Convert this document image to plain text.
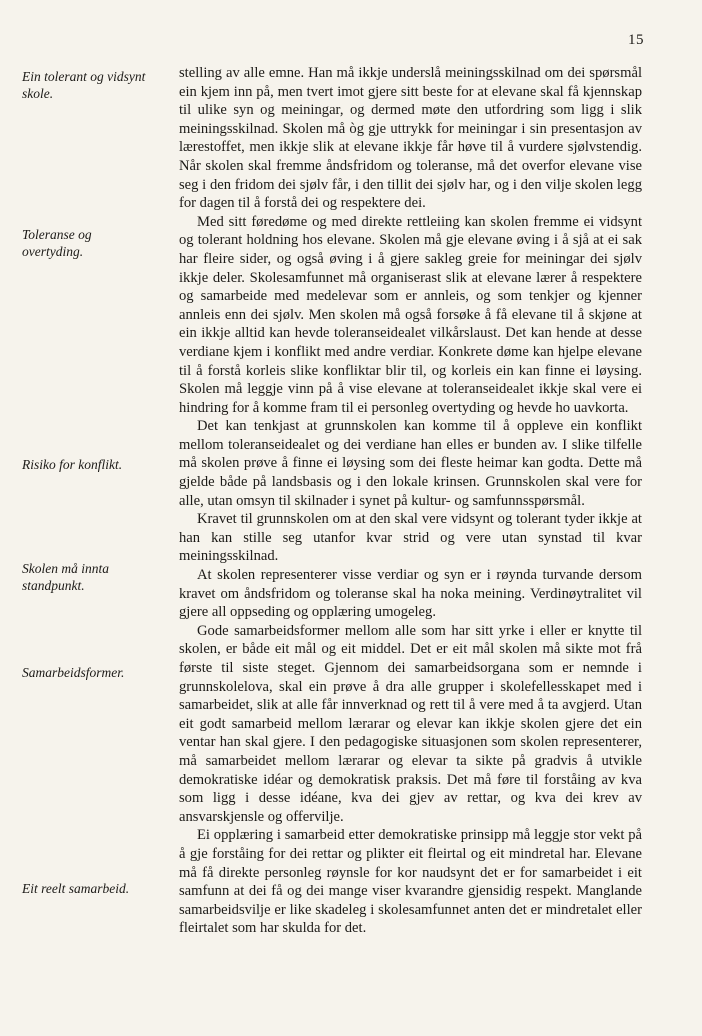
15
Ein tolerant og vidsynt skole.
Toleranse og overtyding.
Risiko for konflikt.
Skolen må innta standpunkt.
Samarbeidsformer.
Eit reelt samarbeid.

stelling av alle emne. Han må ikkje underslå meiningsskilnad om dei spørsmål ein kjem inn på, men tvert imot gjere sitt beste for at elevane skal få kjennskap til ulike syn og meiningar, og dermed møte den utfordring som ligg i slik meiningsskilnad. Skolen må òg gje uttrykk for meiningar i sin presentasjon av lærestoffet, men ikkje slik at elevane ikkje får høve til å vurdere sjølvstendig. Når skolen skal fremme åndsfridom og toleranse, må det overfor elevane vise seg i den fridom dei sjølv får, i den tillit dei sjølv har, og i den vilje skolen legg for dagen til å forstå dei og respektere dei.

Med sitt føredøme og med direkte rettleiing kan skolen fremme ei vidsynt og tolerant holdning hos elevane. Skolen må gje elevane øving i å sjå at ei sak har fleire sider, og også øving i å gjere sakleg greie for meiningar dei sjølv ikkje deler. Skolesamfunnet må organiserast slik at elevane lærer å respektere og samarbeide med medelevar som er annleis, og som tenkjer og kjenner annleis enn dei sjølv. Men skolen må også forsøke å få elevane til å skjøne at ein ikkje alltid kan hevde toleranseidealet vilkårslaust. Det kan hende at desse verdiane kjem i konflikt med andre verdiar. Konkrete døme kan hjelpe elevane til å forstå korleis slike konfliktar blir til, og korleis ein kan finne ei løysing. Skolen må leggje vinn på å vise elevane at toleranseidealet ikkje skal vere ei hindring for å komme fram til ei personleg overtyding og hevde ho uavkorta.

Det kan tenkjast at grunnskolen kan komme til å oppleve ein konflikt mellom toleranseidealet og dei verdiane han elles er bunden av. I slike tilfelle må skolen prøve å finne ei løysing som dei fleste heimar kan godta. Dette må gjelde både på landsbasis og i den lokale krinsen. Grunnskolen skal vere for alle, utan omsyn til skilnader i synet på kultur- og samfunnsspørsmål.

Kravet til grunnskolen om at den skal vere vidsynt og tolerant tyder ikkje at han kan stille seg utanfor kvar strid og vere utan synstad til kvar meiningsskilnad.

At skolen representerer visse verdiar og syn er i røynda turvande dersom kravet om åndsfridom og toleranse skal ha noka meining. Verdinøytralitet vil gjere all oppseding og opplæring umogeleg.

Gode samarbeidsformer mellom alle som har sitt yrke i eller er knytte til skolen, er både eit mål og eit middel. Det er eit mål skolen må sikte mot frå første til siste steget. Gjennom dei samarbeidsorgana som er nemnde i grunnskolelova, skal ein prøve å dra alle grupper i skolefellesskapet med i samarbeidet, slik at alle får innverknad og rett til å vere med å ta avgjerd. Utan eit godt samarbeid mellom lærarar og elevar kan ikkje skolen gjere det ein ventar han skal gjere. I den pedagogiske situasjonen som skolen representerer, må samarbeidet mellom lærarar og elevar ta sikte på gradvis å utvikle demokratiske idéar og demokratisk praksis. Det må føre til forståing av kva som ligg i desse idéane, kva dei gjev av rettar, og kva dei krev av ansvarskjensle og offervilje.

Ei opplæring i samarbeid etter demokratiske prinsipp må leggje stor vekt på å gje forståing for dei rettar og plikter eit fleirtal og eit mindretal har. Elevane må få direkte personleg røynsle for kor naudsynt det er for samarbeidet i eit samfunn at dei få og dei mange viser kvarandre gjensidig respekt. Manglande samarbeidsvilje er like skadeleg i skolesamfunnet anten det er mindretalet eller fleirtalet som har skulda for det.
